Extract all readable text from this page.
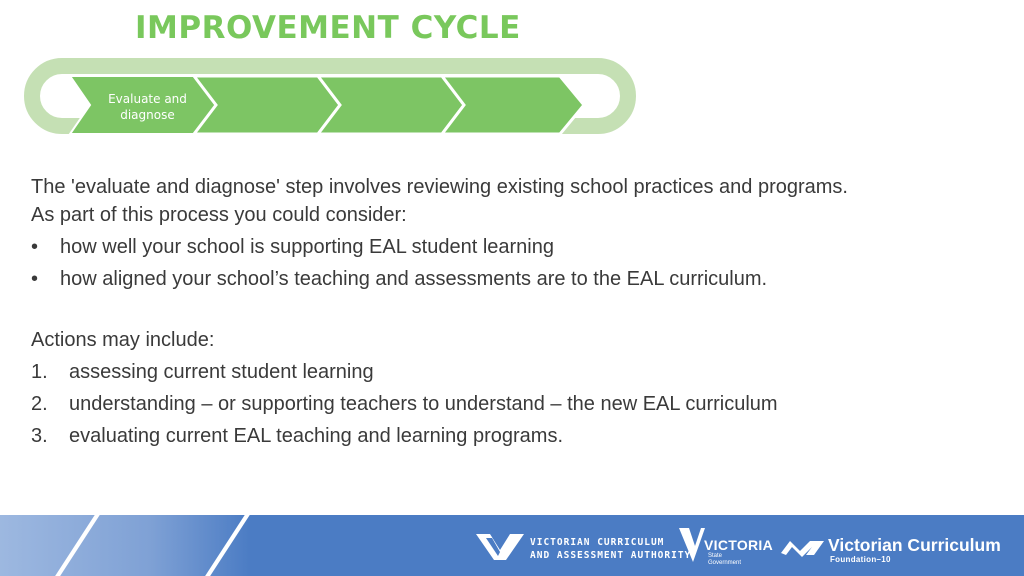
IMPROVEMENT CYCLE
Evaluate and diagnose

The 'evaluate and diagnose' step involves reviewing existing school practices and programs.

As part of this process you could consider:

•	how well your school is supporting EAL student learning
•	how aligned your school’s teaching and assessments are to the EAL curriculum.

Actions may include:

1.	assessing current student learning
2.	understanding – or supporting teachers to understand – the new EAL curriculum
3.	evaluating current EAL teaching and learning programs.
VICTORIAN CURRICULUM
AND ASSESSMENT AUTHORITY
VICTORIA
State Government
Victorian Curriculum
Foundation–10
